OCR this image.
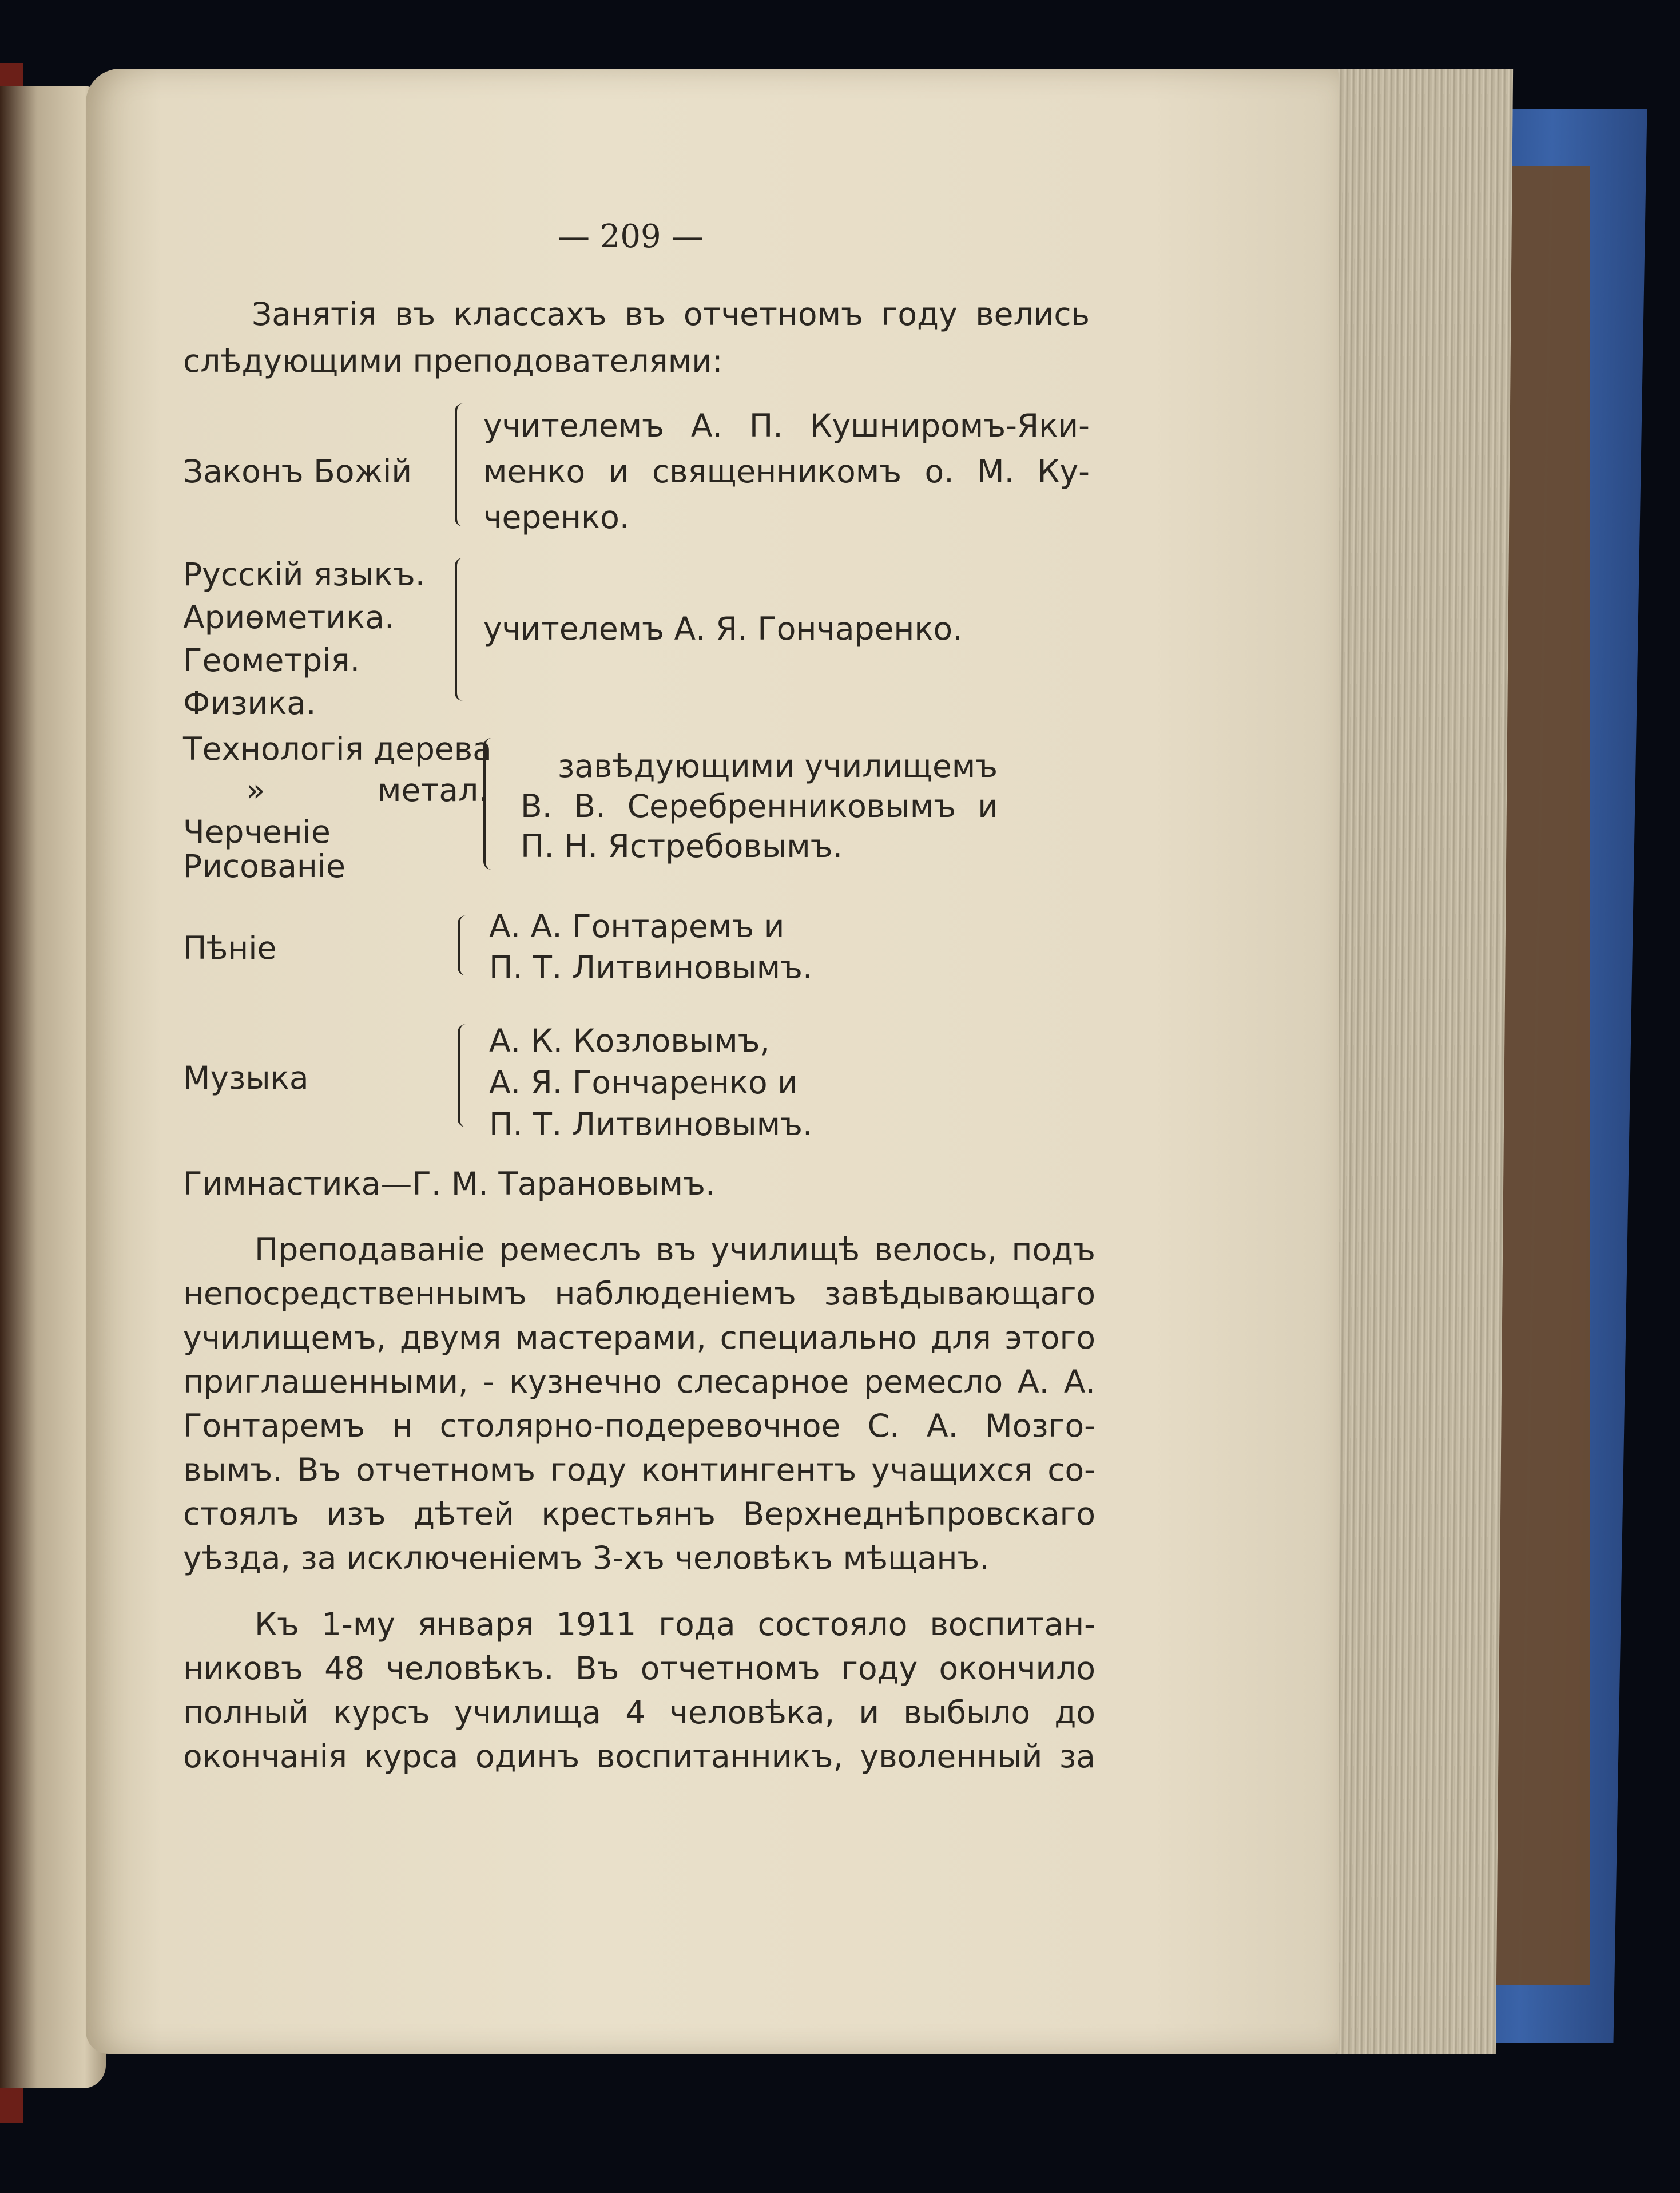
— 209 —
Занятія въ классахъ въ отчетномъ году велись
слѣдующими преподователями:
Законъ Божій
учителемъ А. П. Кушниромъ-Яки-
менко и священникомъ о. М. Ку-
черенко.
Русскій языкъ.
Ариѳметика.
Геометрія.
Физика.
учителемъ А. Я. Гончаренко.
Технологія дерева
»	метал.
Черченіе
Рисованіе
завѣдующими училищемъ
В. В. Серебренниковымъ и
П. Н. Ястребовымъ.
Пѣніе
А. А. Гонтаремъ и
П. Т. Литвиновымъ.
Музыка
А. К. Козловымъ,
А. Я. Гончаренко и
П. Т. Литвиновымъ.
Гимнастика—Г. М. Тарановымъ.
Преподаваніе ремеслъ въ училищѣ велось, подъ
непосредственнымъ наблюденіемъ завѣдывающаго
училищемъ, двумя мастерами, специально для этого
приглашенными, - кузнечно слесарное ремесло А. А.
Гонтаремъ н столярно-подеревочное С. А. Мозго-
вымъ. Въ отчетномъ году контингентъ учащихся со-
стоялъ изъ дѣтей крестьянъ Верхнеднѣпровскаго
уѣзда, за исключеніемъ 3-хъ человѣкъ мѣщанъ.
Къ 1-му января 1911 года состояло воспитан-
никовъ 48 человѣкъ. Въ отчетномъ году окончило
полный курсъ училища 4 человѣка, и выбыло до
окончанія курса одинъ воспитанникъ, уволенный за
